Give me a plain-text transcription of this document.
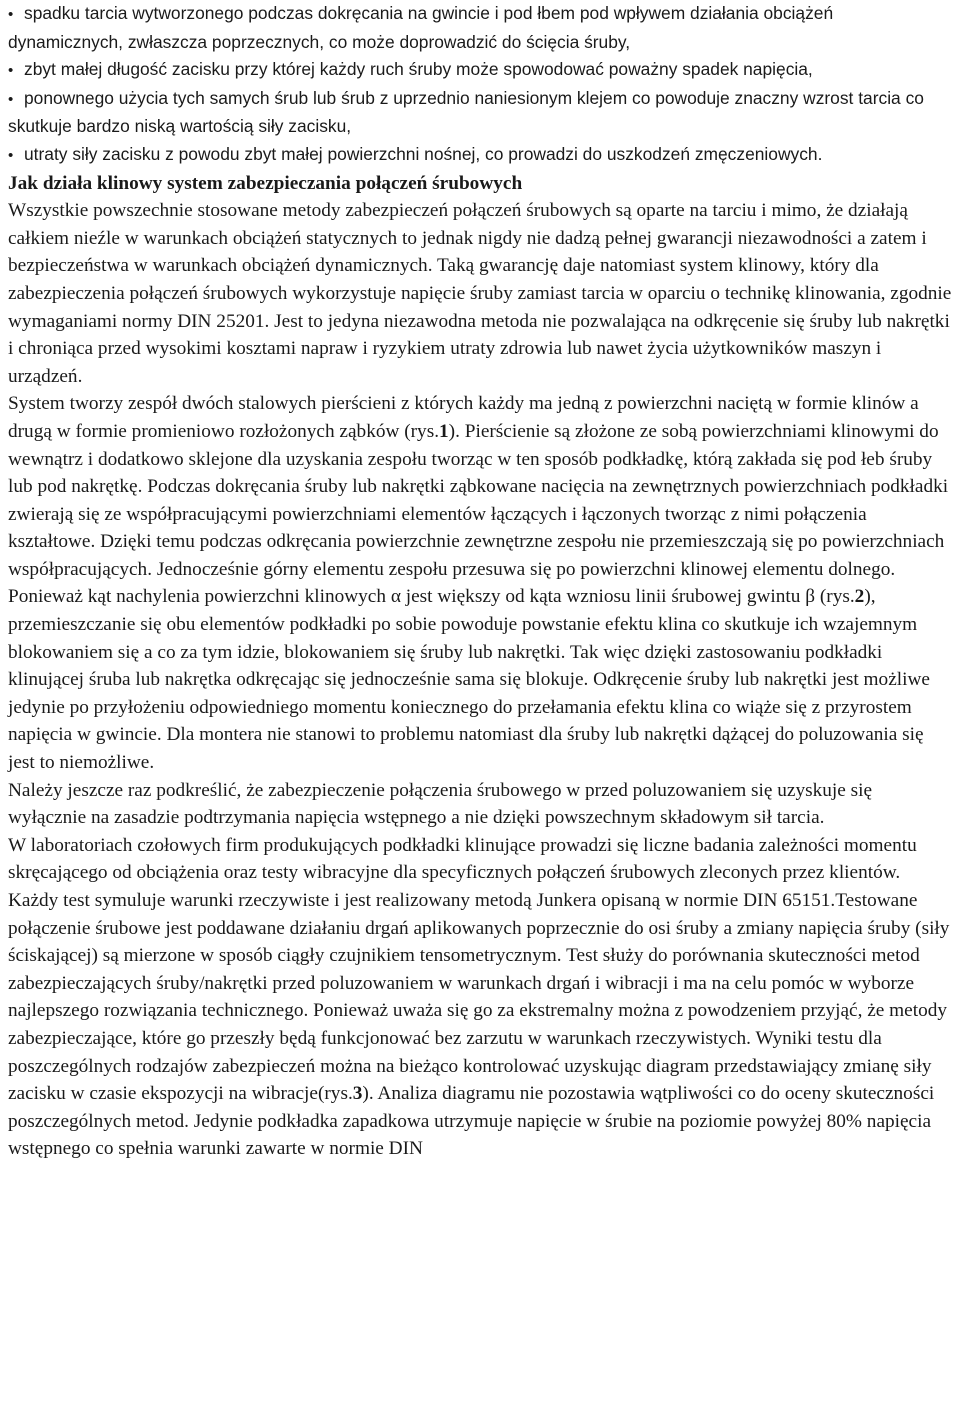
• spadku tarcia wytworzonego podczas dokręcania na gwincie i pod łbem pod wpływem działania obciążeń dynamicznych, zwłaszcza poprzecznych, co może doprowadzić do ścięcia śruby,
• zbyt małej długość zacisku przy której każdy ruch śruby może spowodować poważny spadek napięcia,
• ponownego użycia tych samych śrub lub śrub z uprzednio naniesionym klejem co powoduje znaczny wzrost tarcia co skutkuje bardzo niską wartością siły zacisku,
• utraty siły zacisku z powodu zbyt małej powierzchni nośnej, co prowadzi do uszkodzeń zmęczeniowych.
Jak działa klinowy system zabezpieczania połączeń śrubowych

Wszystkie powszechnie stosowane metody zabezpieczeń połączeń śrubowych są oparte na tarciu i mimo, że działają całkiem nieźle w warunkach obciążeń statycznych to jednak nigdy nie dadzą pełnej gwarancji niezawodności a zatem i bezpieczeństwa w warunkach obciążeń dynamicznych. Taką gwarancję daje natomiast system klinowy, który dla zabezpieczenia połączeń śrubowych wykorzystuje napięcie śruby zamiast tarcia w oparciu o technikę klinowania, zgodnie wymaganiami normy DIN 25201. Jest to jedyna niezawodna metoda nie pozwalająca na odkręcenie się śruby lub nakrętki i chroniąca przed wysokimi kosztami napraw i ryzykiem utraty zdrowia lub nawet życia użytkowników maszyn i urządzeń.

System tworzy zespół dwóch stalowych pierścieni z których każdy ma jedną z powierzchni naciętą w formie klinów a drugą w formie promieniowo rozłożonych ząbków (rys.1). Pierścienie są złożone ze sobą powierzchniami klinowymi do wewnątrz i dodatkowo sklejone dla uzyskania zespołu tworząc w ten sposób podkładkę, którą zakłada się pod łeb śruby lub pod nakrętkę. Podczas dokręcania śruby lub nakrętki ząbkowane nacięcia na zewnętrznych powierzchniach podkładki zwierają się ze współpracującymi powierzchniami elementów łączących i łączonych tworząc z nimi połączenia kształtowe. Dzięki temu podczas odkręcania powierzchnie zewnętrzne zespołu nie przemieszczają się po powierzchniach współpracujących. Jednocześnie górny elementu zespołu przesuwa się po powierzchni klinowej elementu dolnego. Ponieważ kąt nachylenia powierzchni klinowych α jest większy od kąta wzniosu linii śrubowej gwintu β (rys.2), przemieszczanie się obu elementów podkładki po sobie powoduje powstanie efektu klina co skutkuje ich wzajemnym blokowaniem się a co za tym idzie, blokowaniem się śruby lub nakrętki. Tak więc dzięki zastosowaniu podkładki klinującej śruba lub nakrętka odkręcając się jednocześnie sama się blokuje. Odkręcenie śruby lub nakrętki jest możliwe jedynie po przyłożeniu odpowiedniego momentu koniecznego do przełamania efektu klina co wiąże się z przyrostem napięcia w gwincie. Dla montera nie stanowi to problemu natomiast dla śruby lub nakrętki dążącej do poluzowania się jest to niemożliwe.

Należy jeszcze raz podkreślić, że zabezpieczenie połączenia śrubowego w przed poluzowaniem się uzyskuje się wyłącznie na zasadzie podtrzymania napięcia wstępnego a nie dzięki powszechnym składowym sił tarcia.

W laboratoriach czołowych firm produkujących podkładki klinujące prowadzi się liczne badania zależności momentu skręcającego od obciążenia oraz testy wibracyjne dla specyficznych połączeń śrubowych zleconych przez klientów. Każdy test symuluje warunki rzeczywiste i jest realizowany metodą Junkera opisaną w normie DIN 65151.Testowane połączenie śrubowe jest poddawane działaniu drgań aplikowanych poprzecznie do osi śruby a zmiany napięcia śruby (siły ściskającej) są mierzone w sposób ciągły czujnikiem tensometrycznym. Test służy do porównania skuteczności metod zabezpieczających śruby/nakrętki przed poluzowaniem w warunkach drgań i wibracji i ma na celu pomóc w wyborze najlepszego rozwiązania technicznego. Ponieważ uważa się go za ekstremalny można z powodzeniem przyjąć, że metody zabezpieczające, które go przeszły będą funkcjonować bez zarzutu w warunkach rzeczywistych. Wyniki testu dla poszczególnych rodzajów zabezpieczeń można na bieżąco kontrolować uzyskując diagram przedstawiający zmianę siły zacisku w czasie ekspozycji na wibracje(rys.3). Analiza diagramu nie pozostawia wątpliwości co do oceny skuteczności poszczególnych metod. Jedynie podkładka zapadkowa utrzymuje napięcie w śrubie na poziomie powyżej 80% napięcia wstępnego co spełnia warunki zawarte w normie DIN
